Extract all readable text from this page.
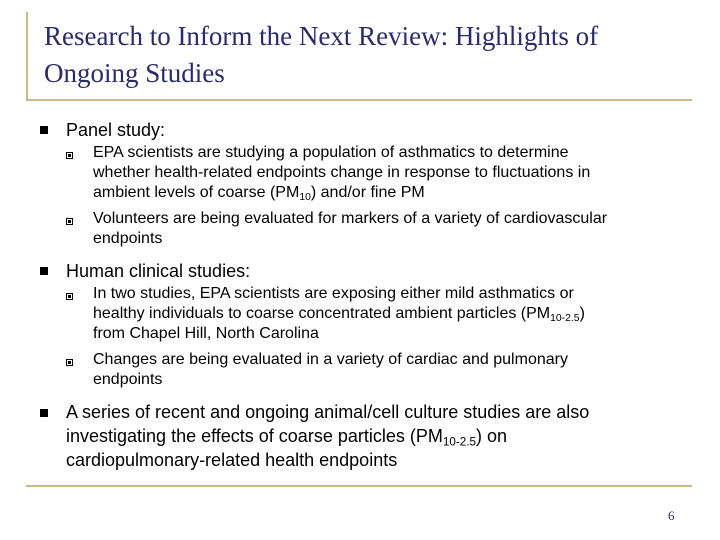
Research to Inform the Next Review: Highlights of Ongoing Studies
Panel study:
EPA scientists are studying a population of asthmatics to determine
whether health-related endpoints change in response to fluctuations in
ambient levels of coarse $(PM_{10})$ and/or fine PM
Volunteers are being evaluated for markers of a variety of cardiovascular
endpoints
Human clinical studies:
In two studies, EPA scientists are exposing either mild asthmatics or
healthy individuals to coarse concentrated ambient particles $(PM_{10-2.5})$
from Chapel Hill, North Carolina
Changes are being evaluated in a variety of cardiac and pulmonary
endpoints
A series of recent and ongoing animal/cell culture studies are also
investigating the effects of coarse particles $(PM_{10-2.5})$ on
cardiopulmonary-related health endpoints
6
